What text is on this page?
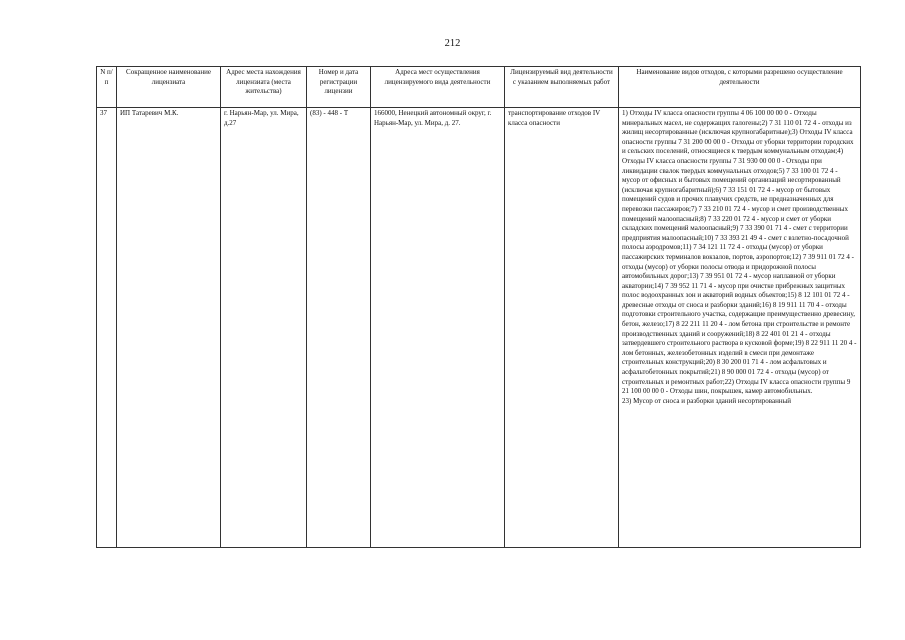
212
N п/п	Сокращенное наименование лицензиата	Адрес места нахождения лицензиата (места жительства)	Номер и дата регистрации лицензии	Адреса мест осуществления лицензируемого вида деятельности	Лицензируемый вид деятельности с указанием выполняемых работ	Наименование видов отходов, с которыми разрешено осуществление деятельности
37	ИП Татаревич М.К.	г. Нарьян-Мар, ул. Мира, д.27	(83) - 448 - Т	166000, Ненецкий автономный округ, г. Нарьян-Мар, ул. Мира, д. 27.	транспортирование отходов IV класса опасности	1) Отходы IV класса опасности группы 4 06 100 00 00 0 - Отходы минеральных масел, не содержащих галогены;2) 7 31 110 01 72 4 - отходы из жилищ несортированные (исключая крупногабаритные);3) Отходы IV класса опасности группы 7 31 200 00 00 0 - Отходы от уборки территории городских и сельских поселений, относящиеся к твердым коммунальным отходам;4) Отходы IV класса опасности группы 7 31 930 00 00 0 - Отходы при ликвидации свалок твердых коммунальных отходов;5) 7 33 100 01 72 4 - мусор от офисных и бытовых помещений организаций несортированный (исключая крупногабаритный);6) 7 33 151 01 72 4 - мусор от бытовых помещений судов и прочих плавучих средств, не предназначенных для перевозки пассажиров;7) 7 33 210 01 72 4 - мусор и смет производственных помещений малоопасный;8) 7 33 220 01 72 4 - мусор и смет от уборки складских помещений малоопасный;9) 7 33 390 01 71 4 - смет с территории предприятия малоопасный;10) 7 33 393 21 49 4 - смет с взлетно-посадочной полосы аэродромов;11) 7 34 121 11 72 4 - отходы (мусор) от уборки пассажирских терминалов вокзалов, портов, аэропортов;12) 7 39 911 01 72 4 - отходы (мусор) от уборки полосы отвода и придорожной полосы автомобильных дорог;13) 7 39 951 01 72 4 - мусор наплавной от уборки акватории;14) 7 39 952 11 71 4 - мусор при очистке прибрежных защитных полос водоохранных зон и акваторий водных объектов;15) 8 12 101 01 72 4 - древесные отходы от сноса и разборки зданий;16) 8 19 911 11 70 4 - отходы подготовки строительного участка, содержащие преимущественно древесину, бетон, железо;17) 8 22 211 11 20 4 - лом бетона при строительстве и ремонте производственных зданий и сооружений;18) 8 22 401 01 21 4 - отходы затвердевшего строительного раствора в кусковой форме;19) 8 22 911 11 20 4 - лом бетонных, железобетонных изделий в смеси при демонтаже строительных конструкций;20) 8 30 200 01 71 4 - лом асфальтовых и асфальтобетонных покрытий;21) 8 90 000 01 72 4 - отходы (мусор) от строительных и ремонтных работ;22) Отходы IV класса опасности группы 9 21 100 00 00 0 - Отходы шин, покрышек, камер автомобильных.
23) Мусор от сноса и разборки зданий несортированный
